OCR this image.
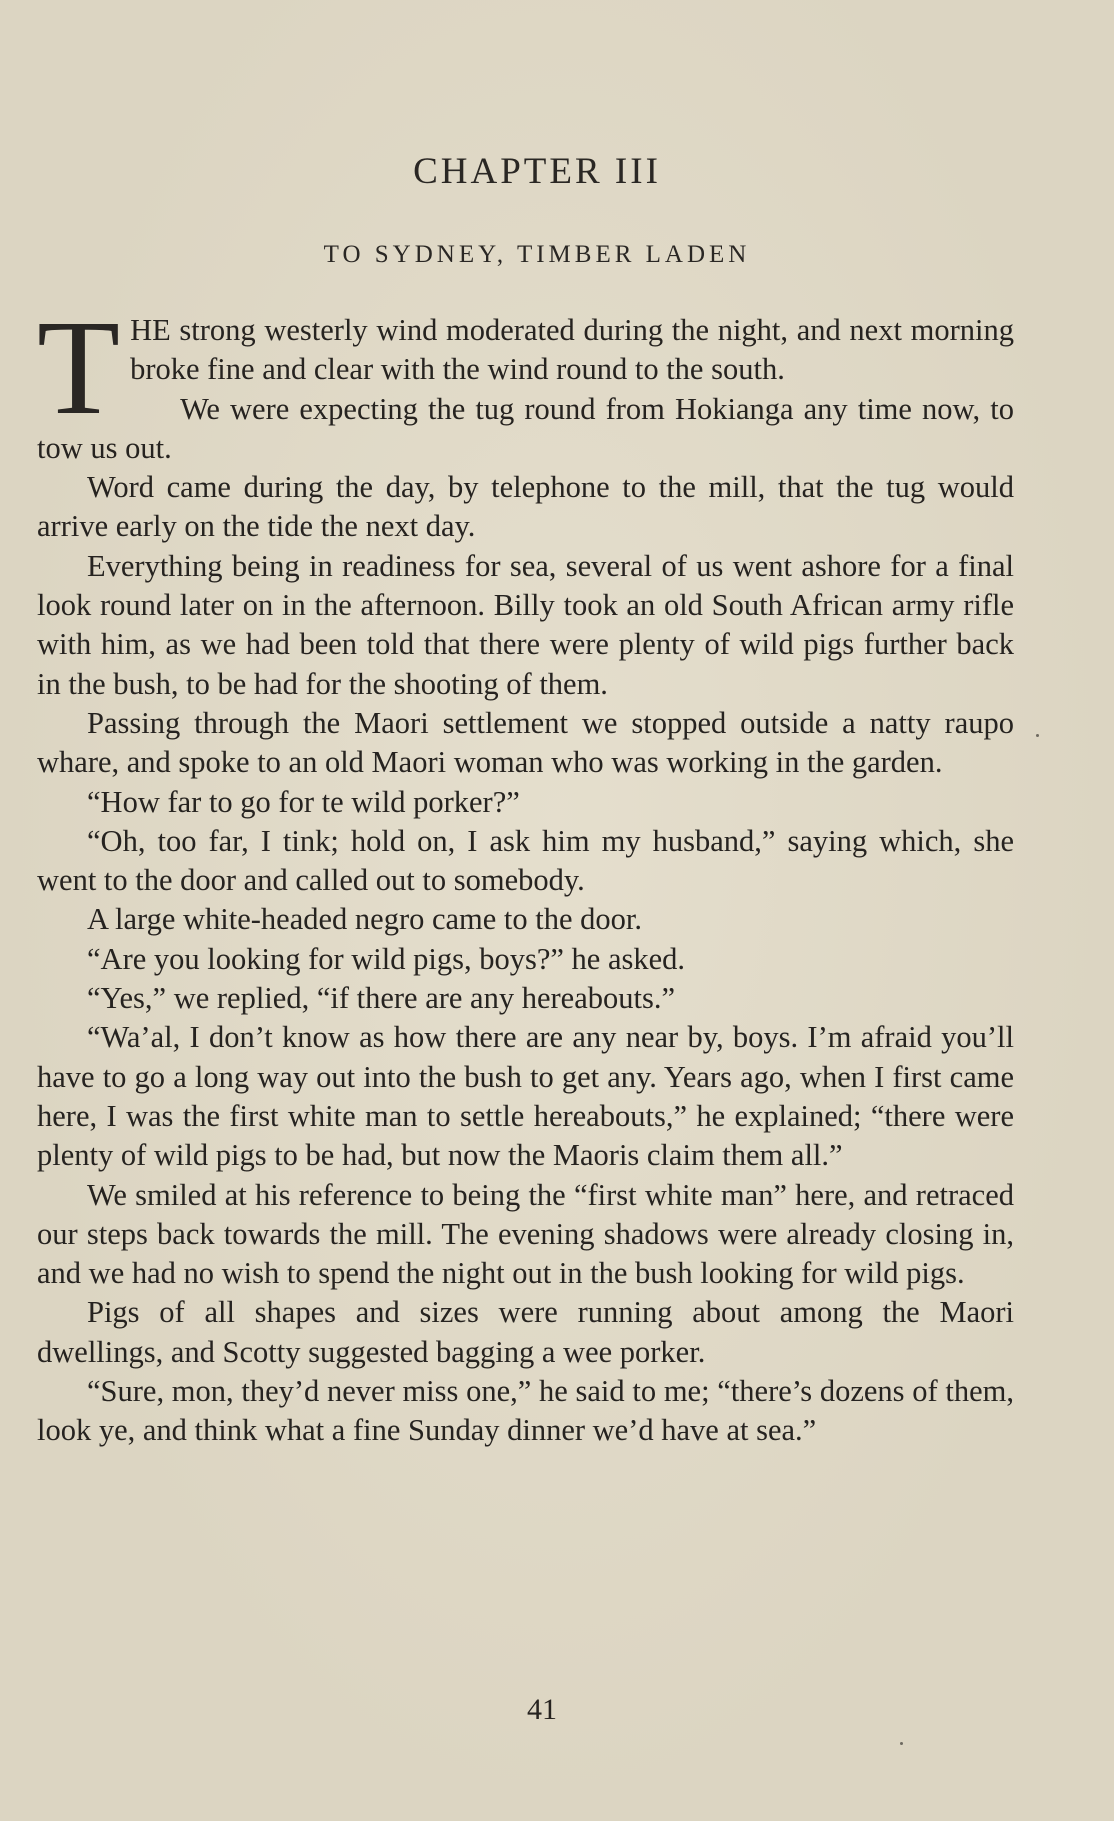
CHAPTER III
TO SYDNEY, TIMBER LADEN

THE strong westerly wind moderated during the night, and next morning broke fine and clear with the wind round to the south.

We were expecting the tug round from Hokianga any time now, to tow us out.

Word came during the day, by telephone to the mill, that the tug would arrive early on the tide the next day.

Everything being in readiness for sea, several of us went ashore for a final look round later on in the afternoon. Billy took an old South African army rifle with him, as we had been told that there were plenty of wild pigs further back in the bush, to be had for the shooting of them.

Passing through the Maori settlement we stopped outside a natty raupo whare, and spoke to an old Maori woman who was working in the garden.

“How far to go for te wild porker?”

“Oh, too far, I tink; hold on, I ask him my husband,” saying which, she went to the door and called out to somebody.

A large white-headed negro came to the door.

“Are you looking for wild pigs, boys?” he asked.

“Yes,” we replied, “if there are any hereabouts.”

“Wa’al, I don’t know as how there are any near by, boys. I’m afraid you’ll have to go a long way out into the bush to get any. Years ago, when I first came here, I was the first white man to settle hereabouts,” he explained; “there were plenty of wild pigs to be had, but now the Maoris claim them all.”

We smiled at his reference to being the “first white man” here, and retraced our steps back towards the mill. The evening shadows were already closing in, and we had no wish to spend the night out in the bush looking for wild pigs.

Pigs of all shapes and sizes were running about among the Maori dwellings, and Scotty suggested bagging a wee porker.

“Sure, mon, they’d never miss one,” he said to me; “there’s dozens of them, look ye, and think what a fine Sunday dinner we’d have at sea.”

41
